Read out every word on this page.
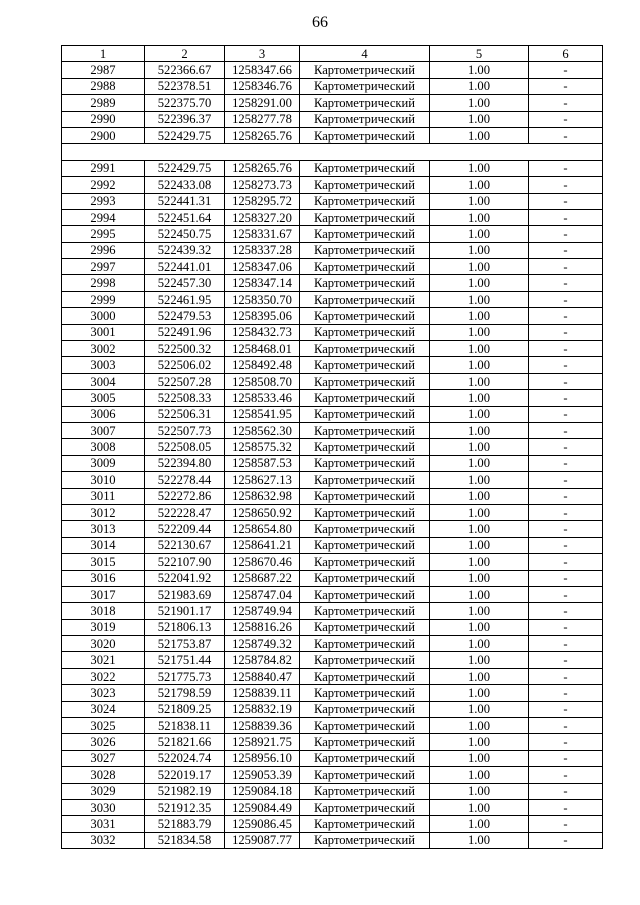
66
1	2	3	4	5	6
2987	522366.67	1258347.66	Картометрический	1.00	-
2988	522378.51	1258346.76	Картометрический	1.00	-
2989	522375.70	1258291.00	Картометрический	1.00	-
2990	522396.37	1258277.78	Картометрический	1.00	-
2900	522429.75	1258265.76	Картометрический	1.00	-

2991	522429.75	1258265.76	Картометрический	1.00	-
2992	522433.08	1258273.73	Картометрический	1.00	-
2993	522441.31	1258295.72	Картометрический	1.00	-
2994	522451.64	1258327.20	Картометрический	1.00	-
2995	522450.75	1258331.67	Картометрический	1.00	-
2996	522439.32	1258337.28	Картометрический	1.00	-
2997	522441.01	1258347.06	Картометрический	1.00	-
2998	522457.30	1258347.14	Картометрический	1.00	-
2999	522461.95	1258350.70	Картометрический	1.00	-
3000	522479.53	1258395.06	Картометрический	1.00	-
3001	522491.96	1258432.73	Картометрический	1.00	-
3002	522500.32	1258468.01	Картометрический	1.00	-
3003	522506.02	1258492.48	Картометрический	1.00	-
3004	522507.28	1258508.70	Картометрический	1.00	-
3005	522508.33	1258533.46	Картометрический	1.00	-
3006	522506.31	1258541.95	Картометрический	1.00	-
3007	522507.73	1258562.30	Картометрический	1.00	-
3008	522508.05	1258575.32	Картометрический	1.00	-
3009	522394.80	1258587.53	Картометрический	1.00	-
3010	522278.44	1258627.13	Картометрический	1.00	-
3011	522272.86	1258632.98	Картометрический	1.00	-
3012	522228.47	1258650.92	Картометрический	1.00	-
3013	522209.44	1258654.80	Картометрический	1.00	-
3014	522130.67	1258641.21	Картометрический	1.00	-
3015	522107.90	1258670.46	Картометрический	1.00	-
3016	522041.92	1258687.22	Картометрический	1.00	-
3017	521983.69	1258747.04	Картометрический	1.00	-
3018	521901.17	1258749.94	Картометрический	1.00	-
3019	521806.13	1258816.26	Картометрический	1.00	-
3020	521753.87	1258749.32	Картометрический	1.00	-
3021	521751.44	1258784.82	Картометрический	1.00	-
3022	521775.73	1258840.47	Картометрический	1.00	-
3023	521798.59	1258839.11	Картометрический	1.00	-
3024	521809.25	1258832.19	Картометрический	1.00	-
3025	521838.11	1258839.36	Картометрический	1.00	-
3026	521821.66	1258921.75	Картометрический	1.00	-
3027	522024.74	1258956.10	Картометрический	1.00	-
3028	522019.17	1259053.39	Картометрический	1.00	-
3029	521982.19	1259084.18	Картометрический	1.00	-
3030	521912.35	1259084.49	Картометрический	1.00	-
3031	521883.79	1259086.45	Картометрический	1.00	-
3032	521834.58	1259087.77	Картометрический	1.00	-
